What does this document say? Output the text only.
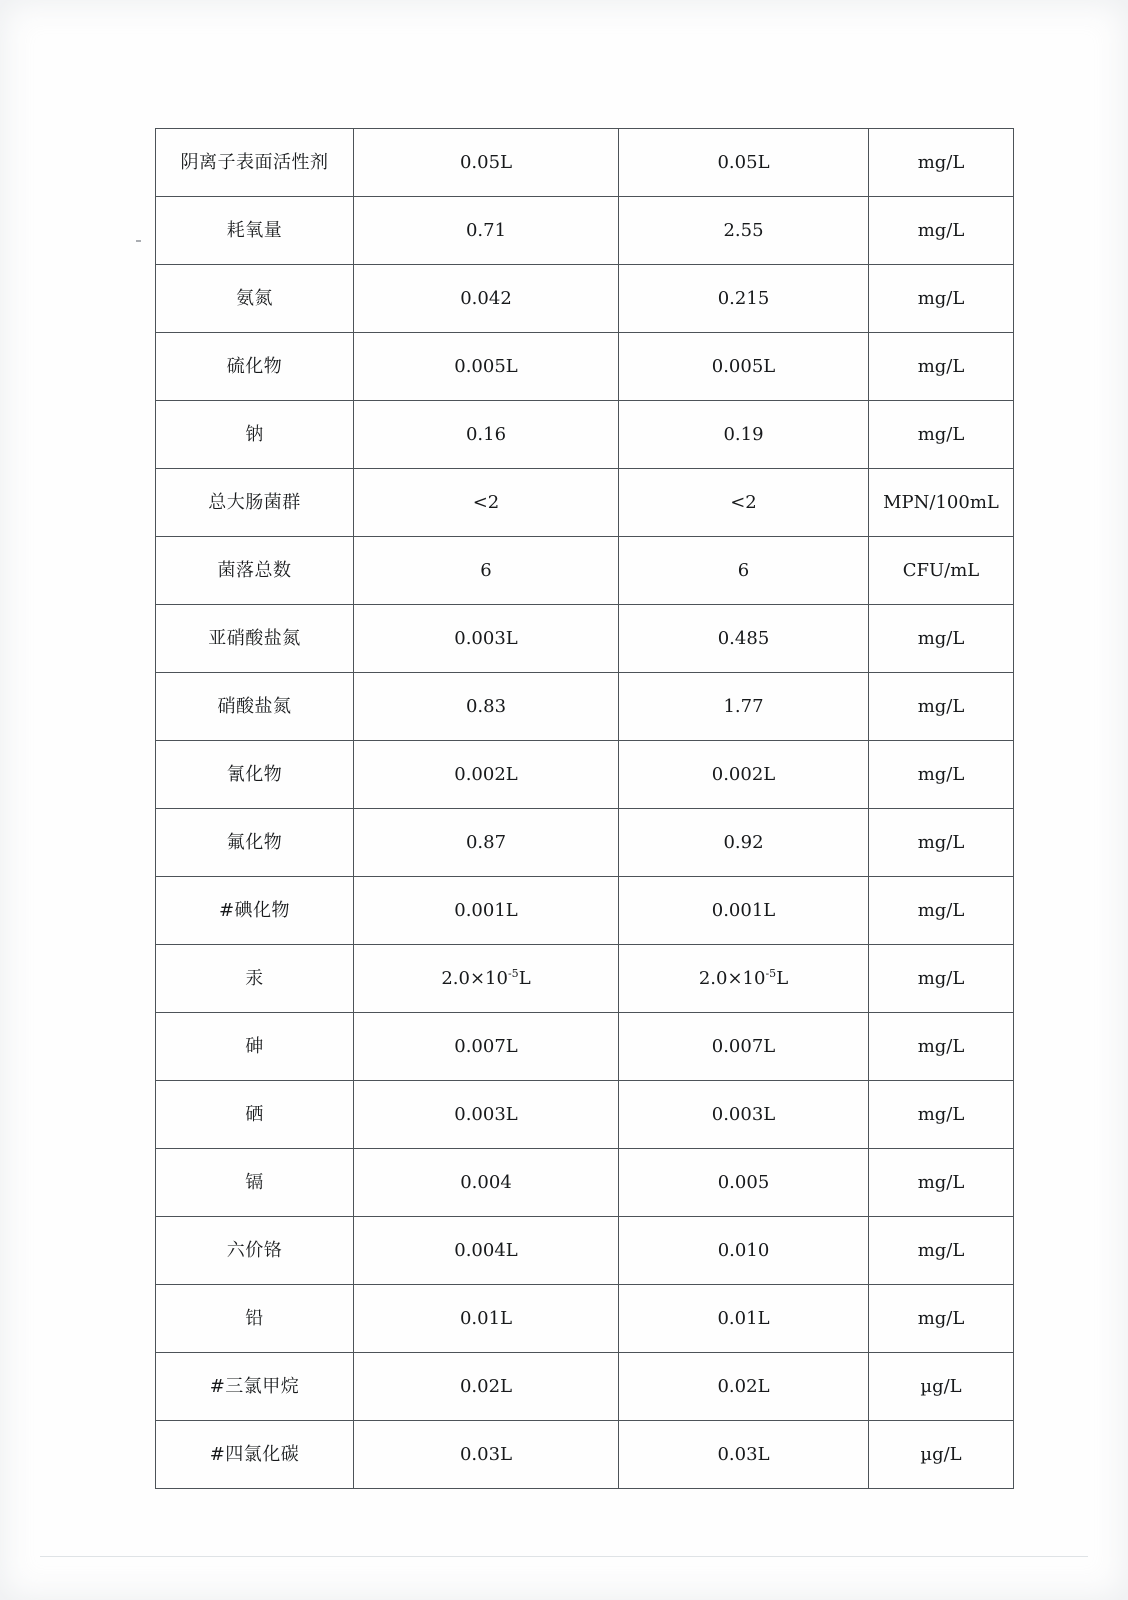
阴离子表面活性剂	0.05L	0.05L	mg/L
耗氧量	0.71	2.55	mg/L
氨氮	0.042	0.215	mg/L
硫化物	0.005L	0.005L	mg/L
钠	0.16	0.19	mg/L
总大肠菌群	<2	<2	MPN/100mL
菌落总数	6	6	CFU/mL
亚硝酸盐氮	0.003L	0.485	mg/L
硝酸盐氮	0.83	1.77	mg/L
氰化物	0.002L	0.002L	mg/L
氟化物	0.87	0.92	mg/L
#碘化物	0.001L	0.001L	mg/L
汞	$2.0\times 10^{-5}L$	$2.0\times 10^{-5}L$	mg/L
砷	0.007L	0.007L	mg/L
硒	0.003L	0.003L	mg/L
镉	0.004	0.005	mg/L
六价铬	0.004L	0.010	mg/L
铅	0.01L	0.01L	mg/L
#三氯甲烷	0.02L	0.02L	µg/L
#四氯化碳	0.03L	0.03L	µg/L
